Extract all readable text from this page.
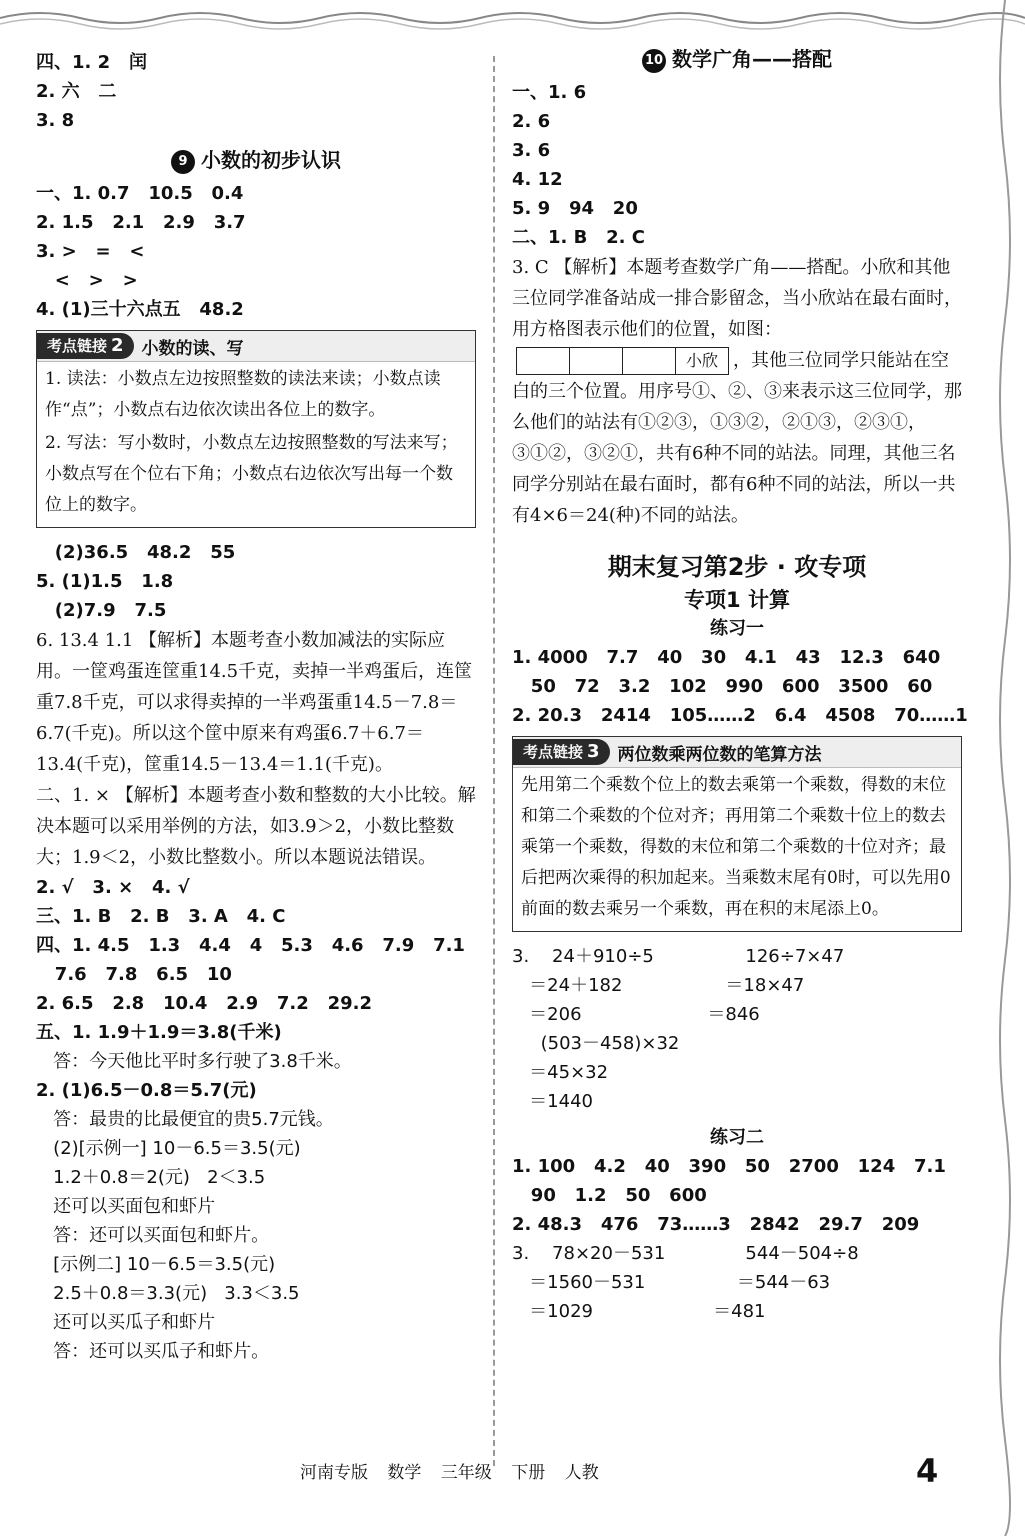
四、1. 2   闰
2. 六   二
3. 8
9 小数的初步认识
一、1. 0.7   10.5   0.4
2. 1.5   2.1   2.9   3.7
3. >   =   <
<   >   >
4. (1)三十六点五   48.2
考点链接 2	小数的读、写
1. 读法：小数点左边按照整数的读法来读；小数点读作“点”；小数点右边依次读出各位上的数字。
2. 写法：写小数时，小数点左边按照整数的写法来写；小数点写在个位右下角；小数点右边依次写出每一个数位上的数字。
(2)36.5   48.2   55
5. (1)1.5   1.8
(2)7.9   7.5
6. 13.4 1.1 【解析】本题考查小数加减法的实际应用。一筐鸡蛋连筐重14.5千克，卖掉一半鸡蛋后，连筐重7.8千克，可以求得卖掉的一半鸡蛋重14.5－7.8＝6.7(千克)。所以这个筐中原来有鸡蛋6.7＋6.7＝13.4(千克)，筐重14.5－13.4＝1.1(千克)。
二、1. × 【解析】本题考查小数和整数的大小比较。解决本题可以采用举例的方法，如3.9＞2，小数比整数大；1.9＜2，小数比整数小。所以本题说法错误。
2. √   3. ×   4. √
三、1. B   2. B   3. A   4. C
四、1. 4.5   1.3   4.4   4   5.3   4.6   7.9   7.1
7.6   7.8   6.5   10
2. 6.5   2.8   10.4   2.9   7.2   29.2
五、1. 1.9＋1.9＝3.8(千米)
答：今天他比平时多行驶了3.8千米。
2. (1)6.5－0.8＝5.7(元)
答：最贵的比最便宜的贵5.7元钱。
(2)[示例一] 10－6.5＝3.5(元)
1.2＋0.8＝2(元)   2＜3.5
还可以买面包和虾片
答：还可以买面包和虾片。
[示例二] 10－6.5＝3.5(元)
2.5＋0.8＝3.3(元)   3.3＜3.5
还可以买瓜子和虾片
答：还可以买瓜子和虾片。
10 数学广角——搭配
一、1. 6
2. 6
3. 6
4. 12
5. 9   94   20
二、1. B   2. C
3. C 【解析】本题考查数学广角——搭配。小欣和其他三位同学准备站成一排合影留念，当小欣站在最右面时，用方格图表示他们的位置，如图：			小欣 ，其他三位同学只能站在空白的三个位置。用序号①、②、③来表示这三位同学，那么他们的站法有①②③，①③②，②①③，②③①，③①②，③②①，共有6种不同的站法。同理，其他三名同学分别站在最右面时，都有6种不同的站法，所以一共有4×6＝24(种)不同的站法。
期末复习第2步 · 攻专项
专项1 计算
练习一
1. 4000   7.7   40   30   4.1   43   12.3   640
50   72   3.2   102   990   600   3500   60
2. 20.3   2414   105……2   6.4   4508   70……1
考点链接 3	两位数乘两位数的笔算方法
先用第二个乘数个位上的数去乘第一个乘数，得数的末位和第二个乘数的个位对齐；再用第二个乘数十位上的数去乘第一个乘数，得数的末位和第二个乘数的十位对齐；最后把两次乘得的积加起来。当乘数末尾有0时，可以先用0前面的数去乘另一个乘数，再在积的末尾添上0。
3.    24＋910÷5                126÷7×47
＝24＋182                  ＝18×47
＝206                      ＝846
(503－458)×32
＝45×32
＝1440
练习二
1. 100   4.2   40   390   50   2700   124   7.1
90   1.2   50   600
2. 48.3   476   73……3   2842   29.7   209
3.    78×20－531              544－504÷8
＝1560－531                ＝544－63
＝1029                     ＝481
河南专版 数学 三年级 下册 人教	4
